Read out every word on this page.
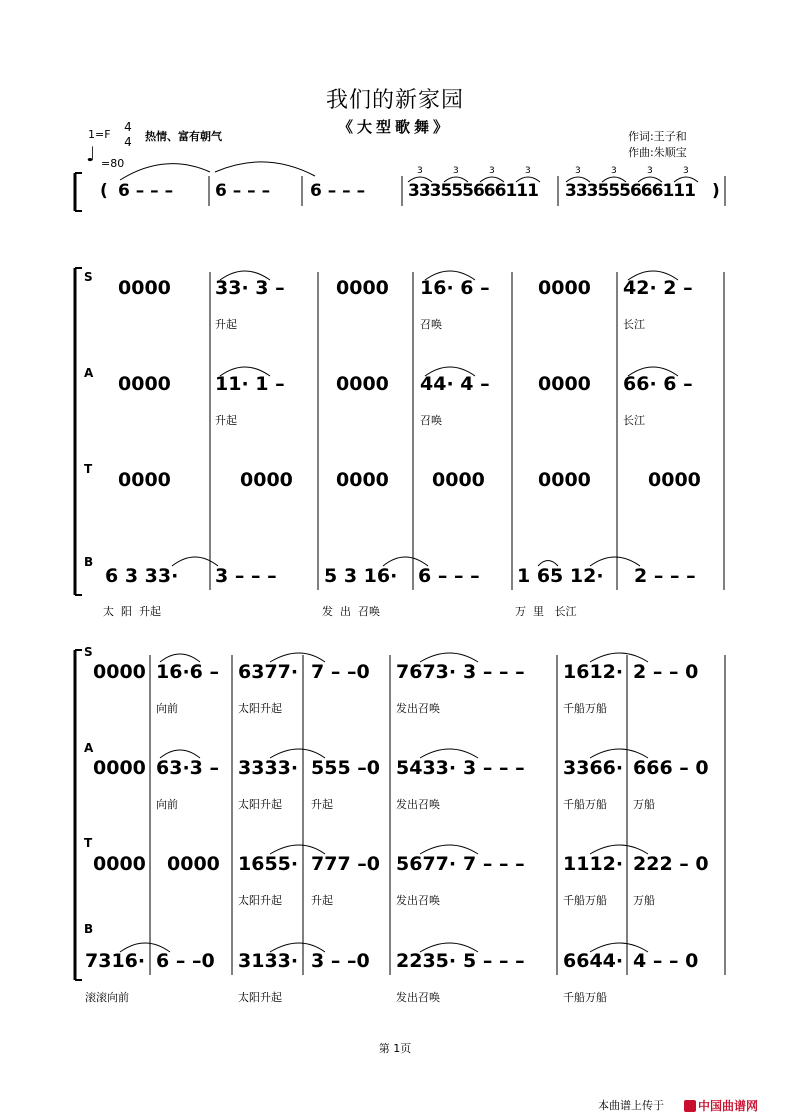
我们的新家园
《大型歌舞》
1=F
4
4 热情、富有朝气
♩ =80
作词:王子和
作曲:朱顺宝
( 6 – – – 6 – – – 6 – – –	333555666111 333555666111 )
3	3	3	3	3	3	3	3
S
A
T
B
0000 33· 3 –	0000 16· 6 –	0000 42· 2 –
升起	召唤	长江
0000 11· 1 –	0000 44· 4 –	0000 66· 6 –
升起	召唤	长江
0000	0000 0000 0000	0000	0000
6 3 33· 3 – – – 5 3 16· 6 – – – 1 65 12· 2 – – –
太  阳  升起	发  出  召唤	万  里   长江
S
A
T
B
0000 16·6 – 6377· 7 – –0 7673· 3 – – – 1612· 2 – – 0
向前	太阳升起	发出召唤	千船万船
0000 63·3 – 3333· 555 –0 5433· 3 – – – 3366· 666 – 0
向前	太阳升起	升起	发出召唤	千船万船 万船
0000 0000 1655· 777 –0 5677· 7 – – – 1112· 222 – 0
太阳升起	升起	发出召唤	千船万船 万船
7316· 6 – –0 3133· 3 – –0 2235· 5 – – – 6644· 4 – – 0
滚滚向前	太阳升起	发出召唤	千船万船
第 1页
本曲谱上传于	中国曲谱网
